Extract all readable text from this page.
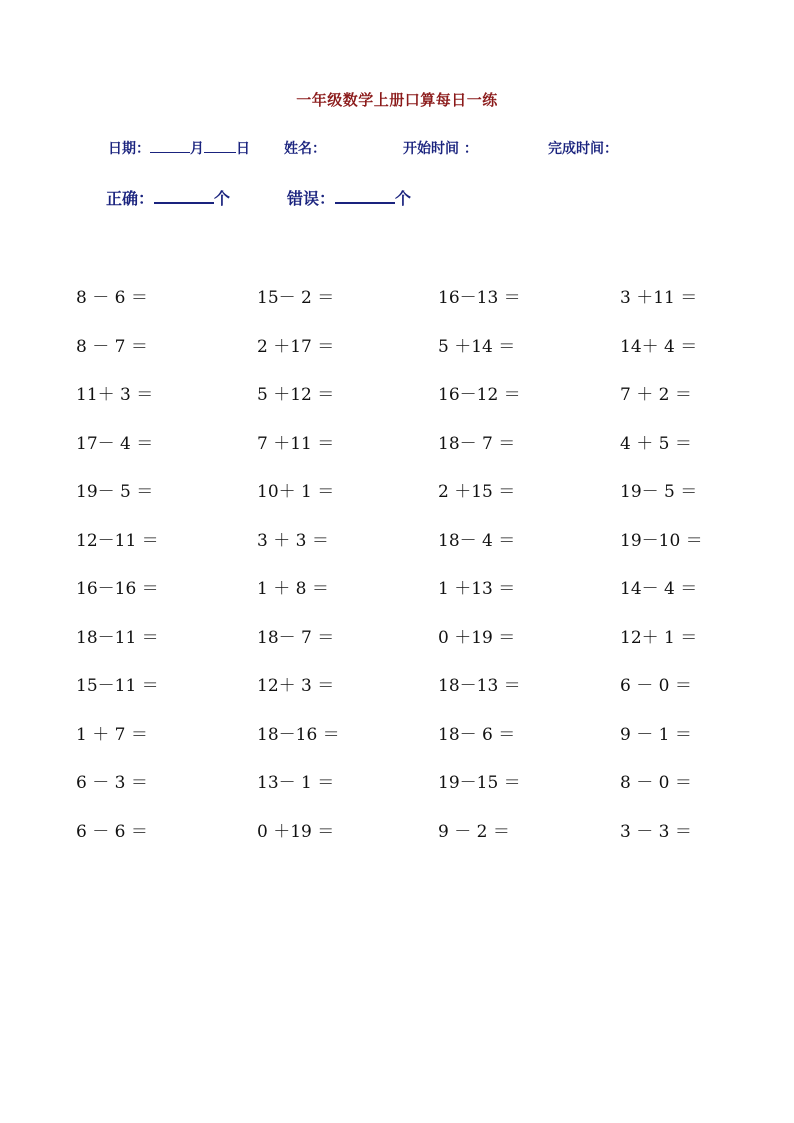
一年级数学上册口算每日一练
日期：	月 日 姓名：	开始时间 ：	完成时间：
正确：	个	错误：	个
8 － 6 ＝	15－ 2 ＝	16－13 ＝	3 ＋11 ＝
8 － 7 ＝	2 ＋17 ＝	5 ＋14 ＝	14＋ 4 ＝
11＋ 3 ＝	5 ＋12 ＝	16－12 ＝	7 ＋ 2 ＝
17－ 4 ＝	7 ＋11 ＝	18－ 7 ＝	4 ＋ 5 ＝
19－ 5 ＝	10＋ 1 ＝	2 ＋15 ＝	19－ 5 ＝
12－11 ＝	3 ＋ 3 ＝	18－ 4 ＝	19－10 ＝
16－16 ＝	1 ＋ 8 ＝	1 ＋13 ＝	14－ 4 ＝
18－11 ＝	18－ 7 ＝	0 ＋19 ＝	12＋ 1 ＝
15－11 ＝	12＋ 3 ＝	18－13 ＝	6 － 0 ＝
1 ＋ 7 ＝	18－16 ＝	18－ 6 ＝	9 － 1 ＝
6 － 3 ＝	13－ 1 ＝	19－15 ＝	8 － 0 ＝
6 － 6 ＝	0 ＋19 ＝	9 － 2 ＝	3 － 3 ＝
